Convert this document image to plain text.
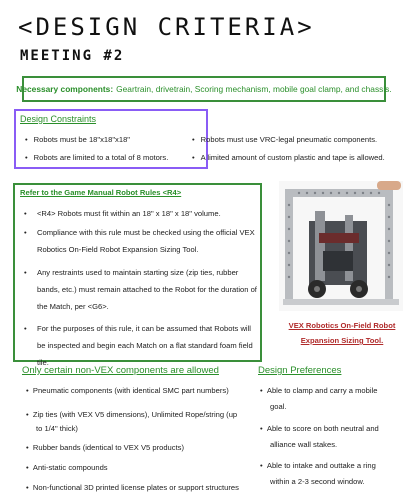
<DESIGN CRITERIA>
MEETING #2
Necessary components: Geartrain, drivetrain, Scoring mechanism, mobile goal clamp, and chassis.
Design Constraints
• Robots must be 18"x18"x18"
• Robots are limited to a total of 8 motors.
• Robots must use VRC-legal pneumatic components.
• A limited amount of custom plastic and tape is allowed.
Refer to the Game Manual Robot Rules <R4>
•	<R4> Robots must fit within an 18" x 18" x 18" volume.
•	Compliance with this rule must be checked using the official VEX Robotics On-Field Robot Expansion Sizing Tool.
•	Any restraints used to maintain starting size (zip ties, rubber bands, etc.) must remain attached to the Robot for the duration of the Match, per <G6>.
•	For the purposes of this rule, it can be assumed that Robots will be inspected and begin each Match on a flat standard foam field tile.
VEX Robotics On-Field Robot Expansion Sizing Tool.
Only certain non-VEX components are allowed
•  Pneumatic components (with identical SMC part numbers)
•  Zip ties (with VEX V5 dimensions), Unlimited Rope/string (up
to 1/4" thick)
•  Rubber bands (identical to VEX V5 products)
•  Anti-static compounds
•  Non-functional 3D printed license plates or support structures
Design Preferences
•  Able to clamp and carry a mobile
goal.
•  Able to score on both neutral and
alliance wall stakes.
•  Able to intake and outtake a ring
within a 2-3 second window.
